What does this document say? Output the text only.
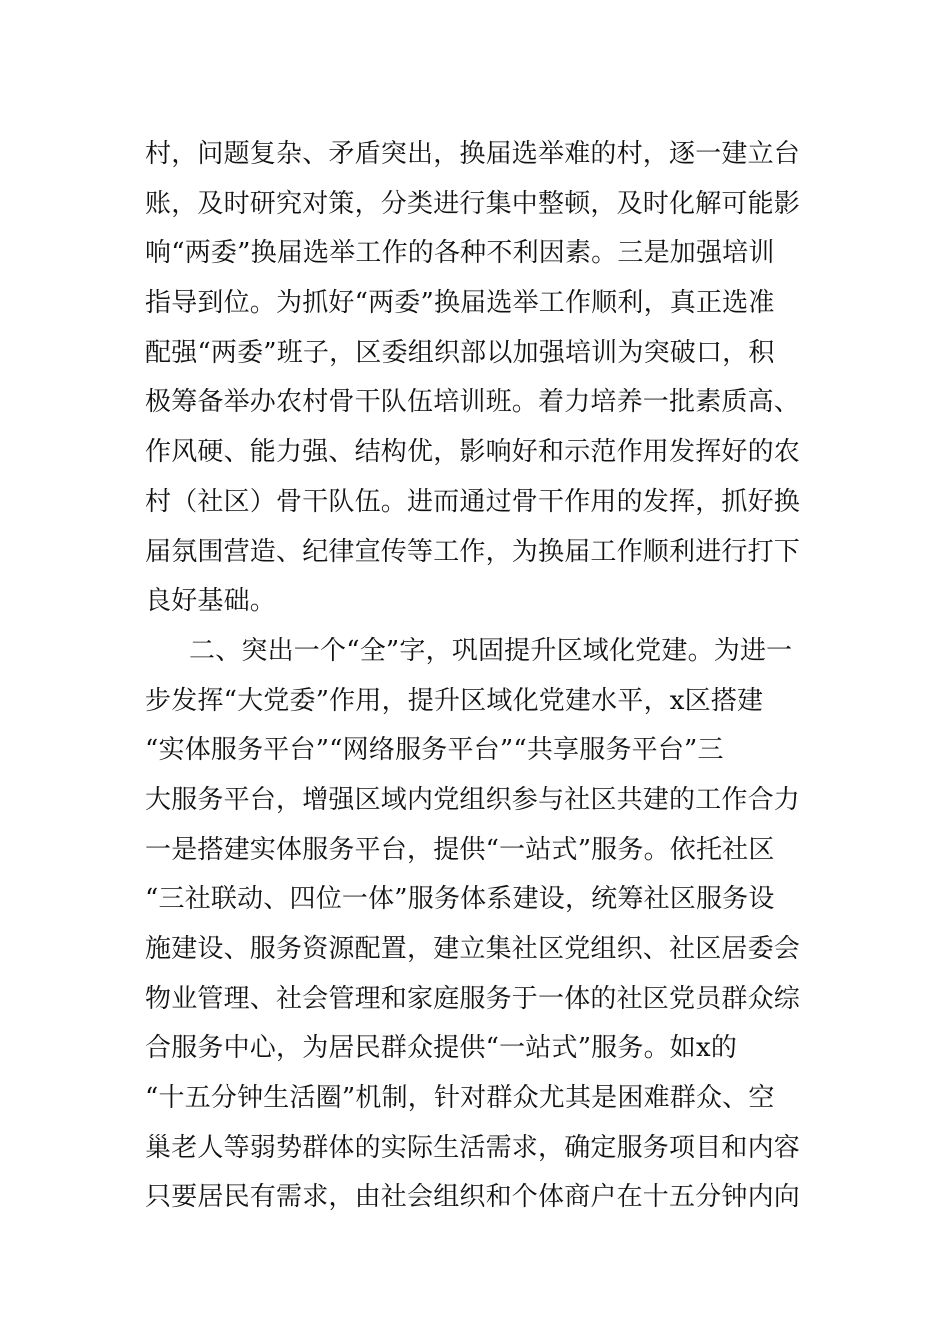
村，问题复杂、矛盾突出，换届选举难的村，逐一建立台
账，及时研究对策，分类进行集中整顿，及时化解可能影
响“两委”换届选举工作的各种不利因素。三是加强培训
指导到位。为抓好“两委”换届选举工作顺利，真正选准
配强“两委”班子，区委组织部以加强培训为突破口，积
极筹备举办农村骨干队伍培训班。着力培养一批素质高、
作风硬、能力强、结构优，影响好和示范作用发挥好的农
村（社区）骨干队伍。进而通过骨干作用的发挥，抓好换
届氛围营造、纪律宣传等工作，为换届工作顺利进行打下
良好基础。
二、突出一个“全”字，巩固提升区域化党建。为进一
步发挥“大党委”作用，提升区域化党建水平，x区搭建
“实体服务平台”“网络服务平台”“共享服务平台”三
大服务平台，增强区域内党组织参与社区共建的工作合力
一是搭建实体服务平台，提供“一站式”服务。依托社区
“三社联动、四位一体”服务体系建设，统筹社区服务设
施建设、服务资源配置，建立集社区党组织、社区居委会
物业管理、社会管理和家庭服务于一体的社区党员群众综
合服务中心，为居民群众提供“一站式”服务。如x的
“十五分钟生活圈”机制，针对群众尤其是困难群众、空
巢老人等弱势群体的实际生活需求，确定服务项目和内容
只要居民有需求，由社会组织和个体商户在十五分钟内向
